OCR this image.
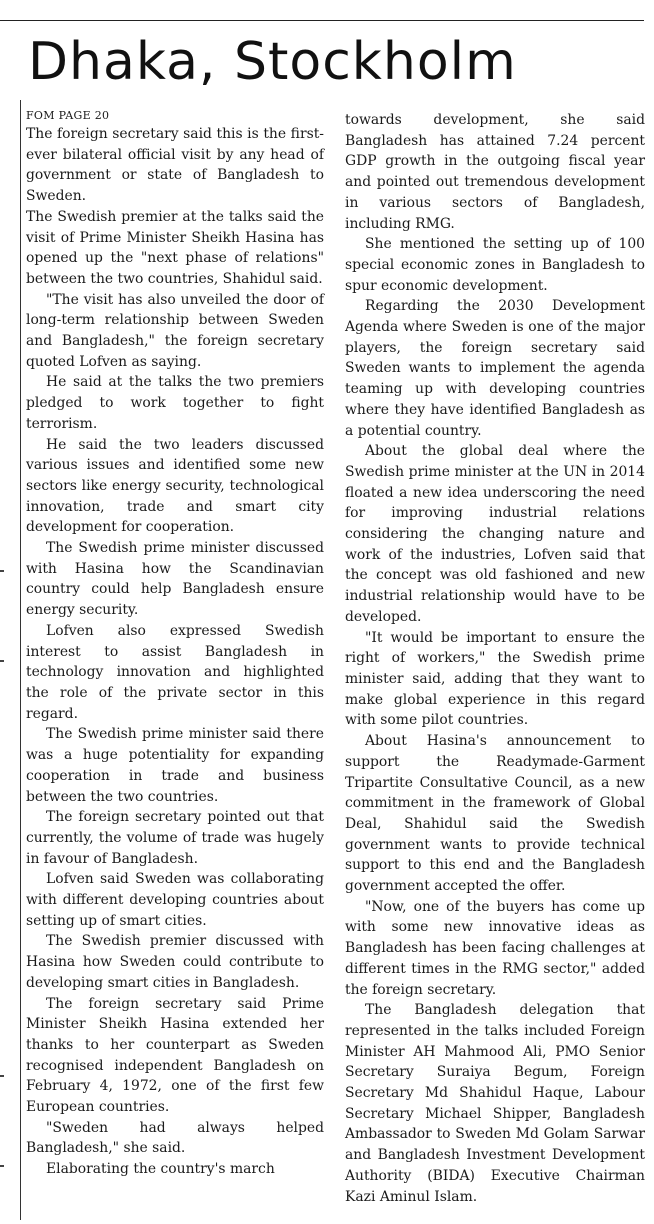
Dhaka, Stockholm

FOM PAGE 20

The foreign secretary said this is the first-ever bilateral official visit by any head of government or state of Bangladesh to Sweden.

The Swedish premier at the talks said the visit of Prime Minister Sheikh Hasina has opened up the "next phase of relations" between the two countries, Shahidul said.

"The visit has also unveiled the door of long-term relationship between Sweden and Bangladesh," the foreign secretary quoted Lofven as saying.

He said at the talks the two premiers pledged to work together to fight terrorism.

He said the two leaders discussed various issues and identified some new sectors like energy security, technological innovation, trade and smart city development for cooperation.

The Swedish prime minister discussed with Hasina how the Scandinavian country could help Bangladesh ensure energy security.

Lofven also expressed Swedish interest to assist Bangladesh in technology innovation and highlighted the role of the private sector in this regard.

The Swedish prime minister said there was a huge potentiality for expanding cooperation in trade and business between the two countries.

The foreign secretary pointed out that currently, the volume of trade was hugely in favour of Bangladesh.

Lofven said Sweden was collaborating with different developing countries about setting up of smart cities.

The Swedish premier discussed with Hasina how Sweden could contribute to developing smart cities in Bangladesh.

The foreign secretary said Prime Minister Sheikh Hasina extended her thanks to her counterpart as Sweden recognised independent Bangladesh on February 4, 1972, one of the first few European countries.

"Sweden had always helped Bangladesh," she said.

Elaborating the country's march

towards development, she said Bangladesh has attained 7.24 percent GDP growth in the outgoing fiscal year and pointed out tremendous development in various sectors of Bangladesh, including RMG.

She mentioned the setting up of 100 special economic zones in Bangladesh to spur economic development.

Regarding the 2030 Development Agenda where Sweden is one of the major players, the foreign secretary said Sweden wants to implement the agenda teaming up with developing countries where they have identified Bangladesh as a potential country.

About the global deal where the Swedish prime minister at the UN in 2014 floated a new idea underscoring the need for improving industrial relations considering the changing nature and work of the industries, Lofven said that the concept was old fashioned and new industrial relationship would have to be developed.

"It would be important to ensure the right of workers," the Swedish prime minister said, adding that they want to make global experience in this regard with some pilot countries.

About Hasina's announcement to support the Readymade-Garment Tripartite Consultative Council, as a new commitment in the framework of Global Deal, Shahidul said the Swedish government wants to provide technical support to this end and the Bangladesh government accepted the offer.

"Now, one of the buyers has come up with some new innovative ideas as Bangladesh has been facing challenges at different times in the RMG sector," added the foreign secretary.

The Bangladesh delegation that represented in the talks included Foreign Minister AH Mahmood Ali, PMO Senior Secretary Suraiya Begum, Foreign Secretary Md Shahidul Haque, Labour Secretary Michael Shipper, Bangladesh Ambassador to Sweden Md Golam Sarwar and Bangladesh Investment Development Authority (BIDA) Executive Chairman Kazi Aminul Islam.
